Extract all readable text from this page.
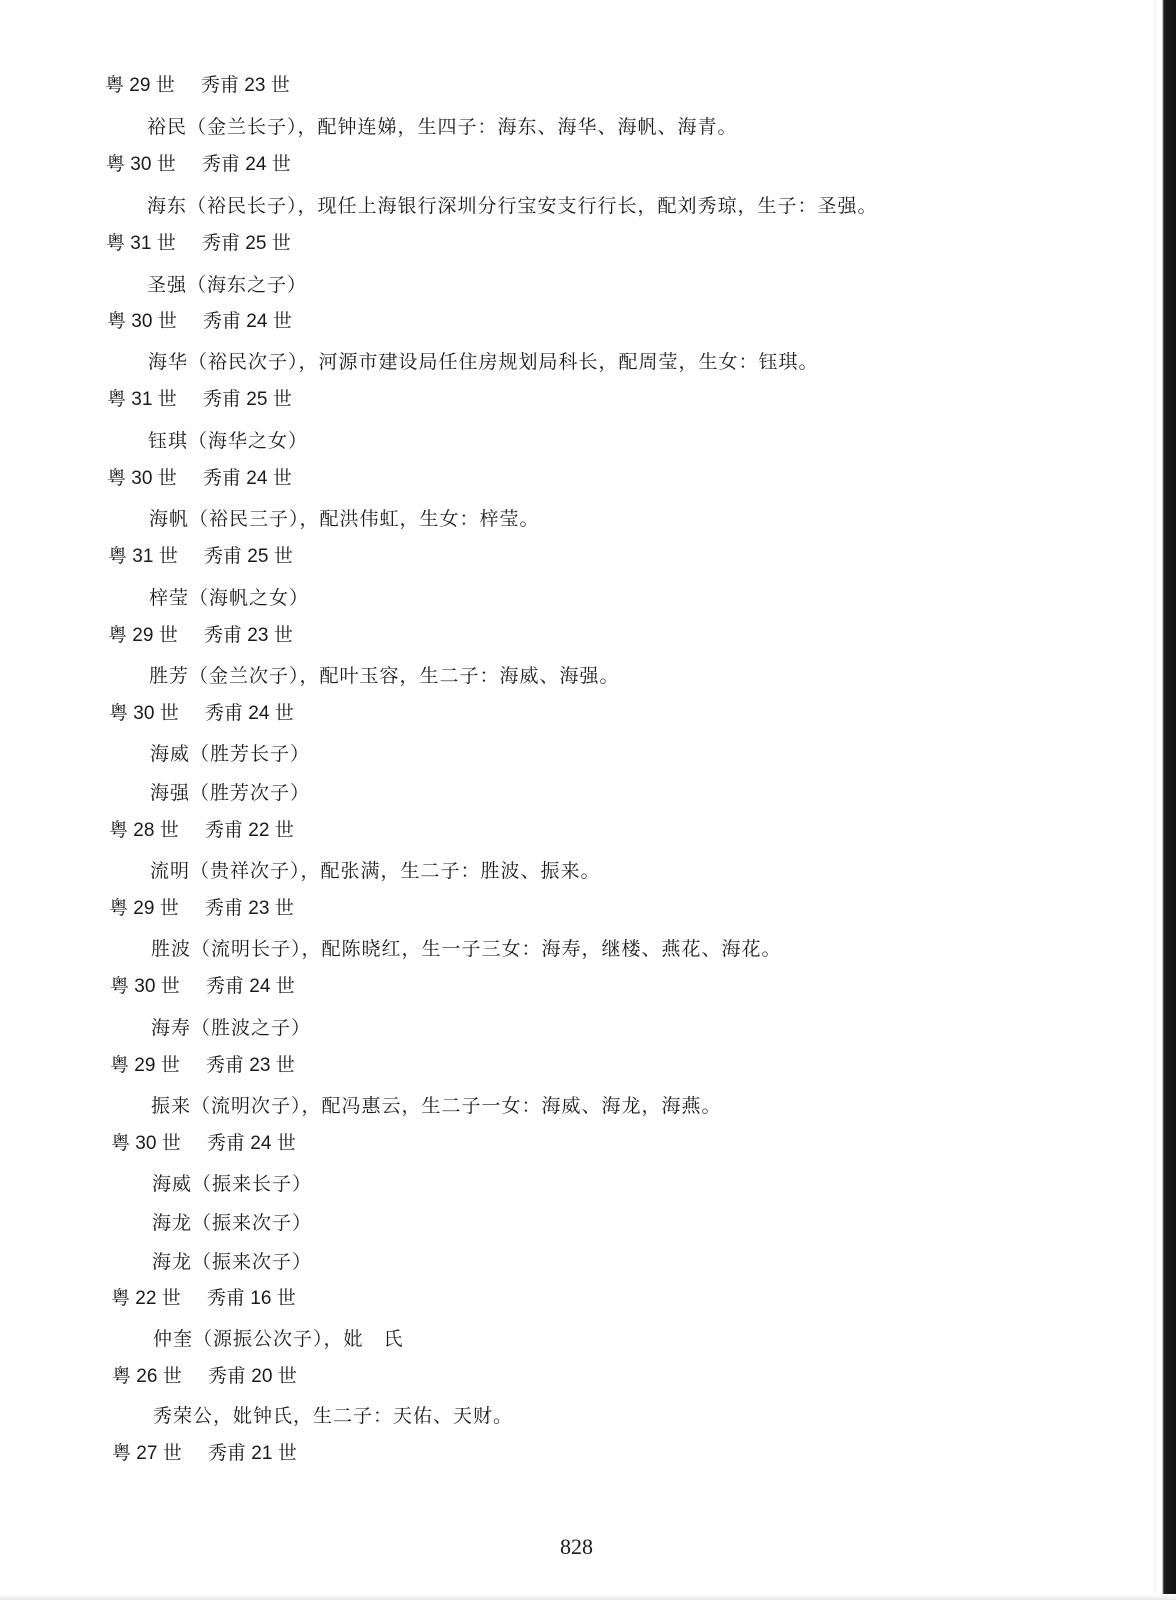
粤 29 世 秀甫 23 世
裕民（金兰长子），配钟连娣，生四子：海东、海华、海帆、海青。
粤 30 世 秀甫 24 世
海东（裕民长子），现任上海银行深圳分行宝安支行行长，配刘秀琼，生子：圣强。
粤 31 世 秀甫 25 世
圣强（海东之子）
粤 30 世 秀甫 24 世
海华（裕民次子），河源市建设局任住房规划局科长，配周莹，生女：钰琪。
粤 31 世 秀甫 25 世
钰琪（海华之女）
粤 30 世 秀甫 24 世
海帆（裕民三子），配洪伟虹，生女：梓莹。
粤 31 世 秀甫 25 世
梓莹（海帆之女）
粤 29 世 秀甫 23 世
胜芳（金兰次子），配叶玉容，生二子：海威、海强。
粤 30 世 秀甫 24 世
海威（胜芳长子）
海强（胜芳次子）
粤 28 世 秀甫 22 世
流明（贵祥次子），配张满，生二子：胜波、振来。
粤 29 世 秀甫 23 世
胜波（流明长子），配陈晓红，生一子三女：海寿，继楼、燕花、海花。
粤 30 世 秀甫 24 世
海寿（胜波之子）
粤 29 世 秀甫 23 世
振来（流明次子），配冯惠云，生二子一女：海威、海龙，海燕。
粤 30 世 秀甫 24 世
海威（振来长子）
海龙（振来次子）
海龙（振来次子）
粤 22 世 秀甫 16 世
仲奎（源振公次子），妣　氏
粤 26 世 秀甫 20 世
秀荣公，妣钟氏，生二子：天佑、天财。
粤 27 世 秀甫 21 世
828
